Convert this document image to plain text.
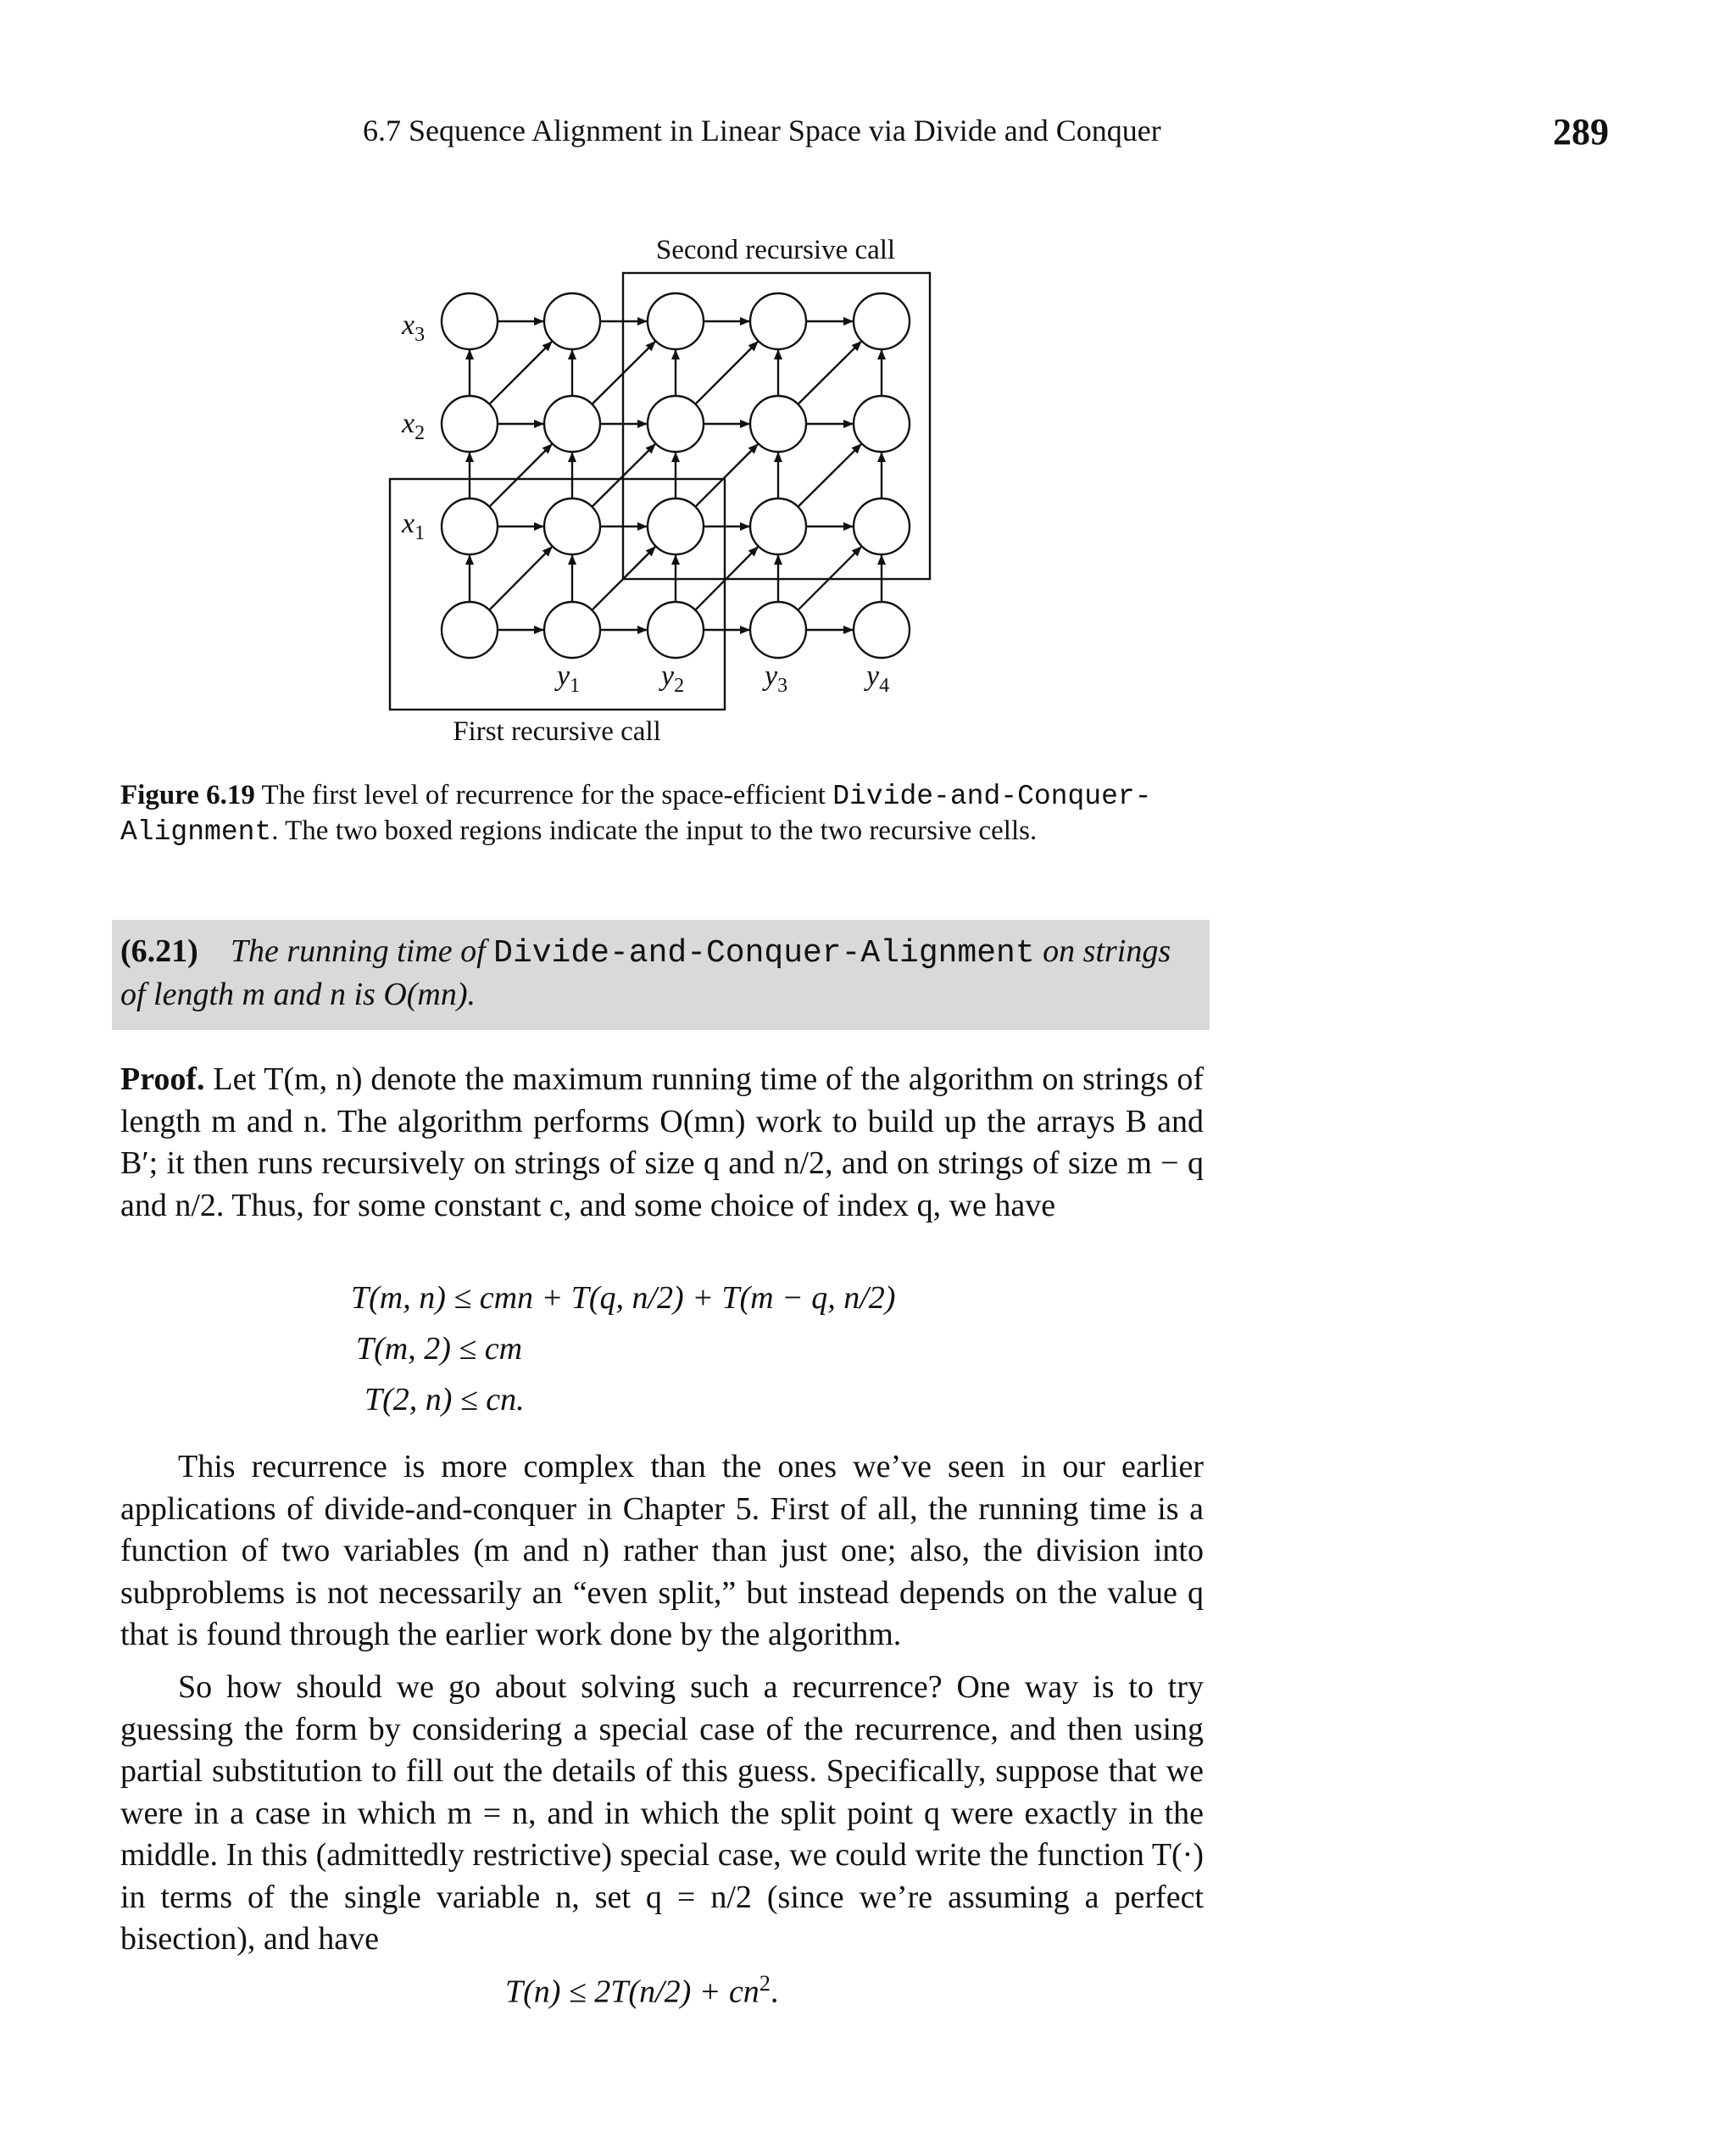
6.7 Sequence Alignment in Linear Space via Divide and Conquer	289
Second recursive call
First recursive call
$x_3$
$x_2$
$x_1$
$y_1$	$y_2$	$y_3$	$y_4$
Figure 6.19 The first level of recurrence for the space-efficient Divide-and-Conquer-Alignment. The two boxed regions indicate the input to the two recursive cells.
(6.21) The running time of Divide-and-Conquer-Alignment on strings of length m and n is O(mn).
Proof. Let T(m, n) denote the maximum running time of the algorithm on strings of length m and n. The algorithm performs O(mn) work to build up the arrays B and B′; it then runs recursively on strings of size q and n/2, and on strings of size m − q and n/2. Thus, for some constant c, and some choice of index q, we have
T(m, n) ≤ cmn + T(q, n/2) + T(m − q, n/2)
T(m, 2) ≤ cm
T(2, n) ≤ cn.
This recurrence is more complex than the ones we’ve seen in our earlier applications of divide-and-conquer in Chapter 5. First of all, the running time is a function of two variables (m and n) rather than just one; also, the division into subproblems is not necessarily an “even split,” but instead depends on the value q that is found through the earlier work done by the algorithm.
So how should we go about solving such a recurrence? One way is to try guessing the form by considering a special case of the recurrence, and then using partial substitution to fill out the details of this guess. Specifically, suppose that we were in a case in which m = n, and in which the split point q were exactly in the middle. In this (admittedly restrictive) special case, we could write the function T(·) in terms of the single variable n, set q = n/2 (since we’re assuming a perfect bisection), and have
$T(n) \le 2T(n/2) + cn^2$.
